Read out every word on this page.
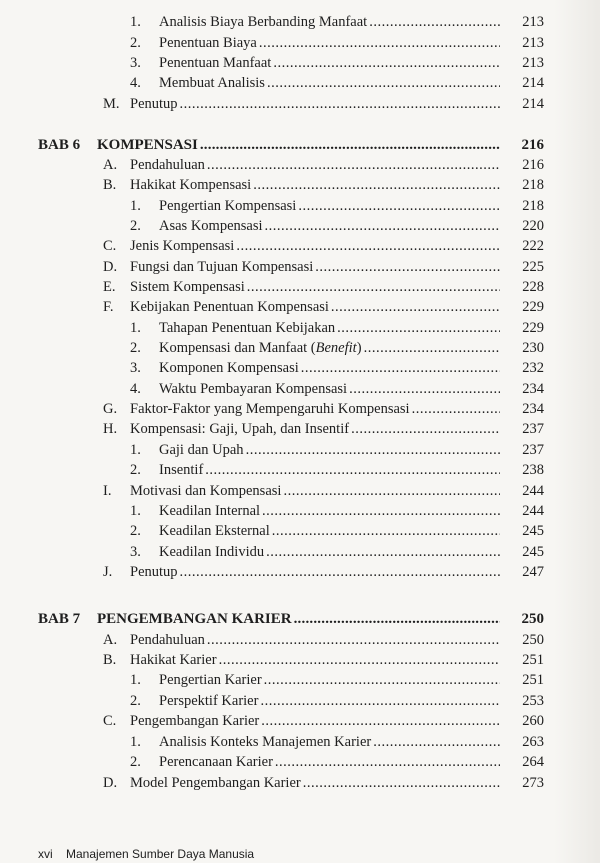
1. Analisis Biaya Berbanding Manfaat .....	213
2. Penentuan Biaya .....	213
3. Penentuan Manfaat .....	213
4. Membuat Analisis .....	214
M. Penutup .....	214
BAB 6 KOMPENSASI .....	216
A. Pendahuluan .....	216
B. Hakikat Kompensasi .....	218
1. Pengertian Kompensasi .....	218
2. Asas Kompensasi .....	220
C. Jenis Kompensasi .....	222
D. Fungsi dan Tujuan Kompensasi .....	225
E. Sistem Kompensasi .....	228
F. Kebijakan Penentuan Kompensasi .....	229
1. Tahapan Penentuan Kebijakan .....	229
2. Kompensasi dan Manfaat (Benefit) .....	230
3. Komponen Kompensasi .....	232
4. Waktu Pembayaran Kompensasi .....	234
G. Faktor-Faktor yang Mempengaruhi Kompensasi .....	234
H. Kompensasi: Gaji, Upah, dan Insentif .....	237
1. Gaji dan Upah .....	237
2. Insentif .....	238
I. Motivasi dan Kompensasi .....	244
1. Keadilan Internal .....	244
2. Keadilan Eksternal .....	245
3. Keadilan Individu .....	245
J. Penutup .....	247
BAB 7 PENGEMBANGAN KARIER .....	250
A. Pendahuluan .....	250
B. Hakikat Karier .....	251
1. Pengertian Karier .....	251
2. Perspektif Karier .....	253
C. Pengembangan Karier .....	260
1. Analisis Konteks Manajemen Karier .....	263
2. Perencanaan Karier .....	264
D. Model Pengembangan Karier .....	273
xvi Manajemen Sumber Daya Manusia
